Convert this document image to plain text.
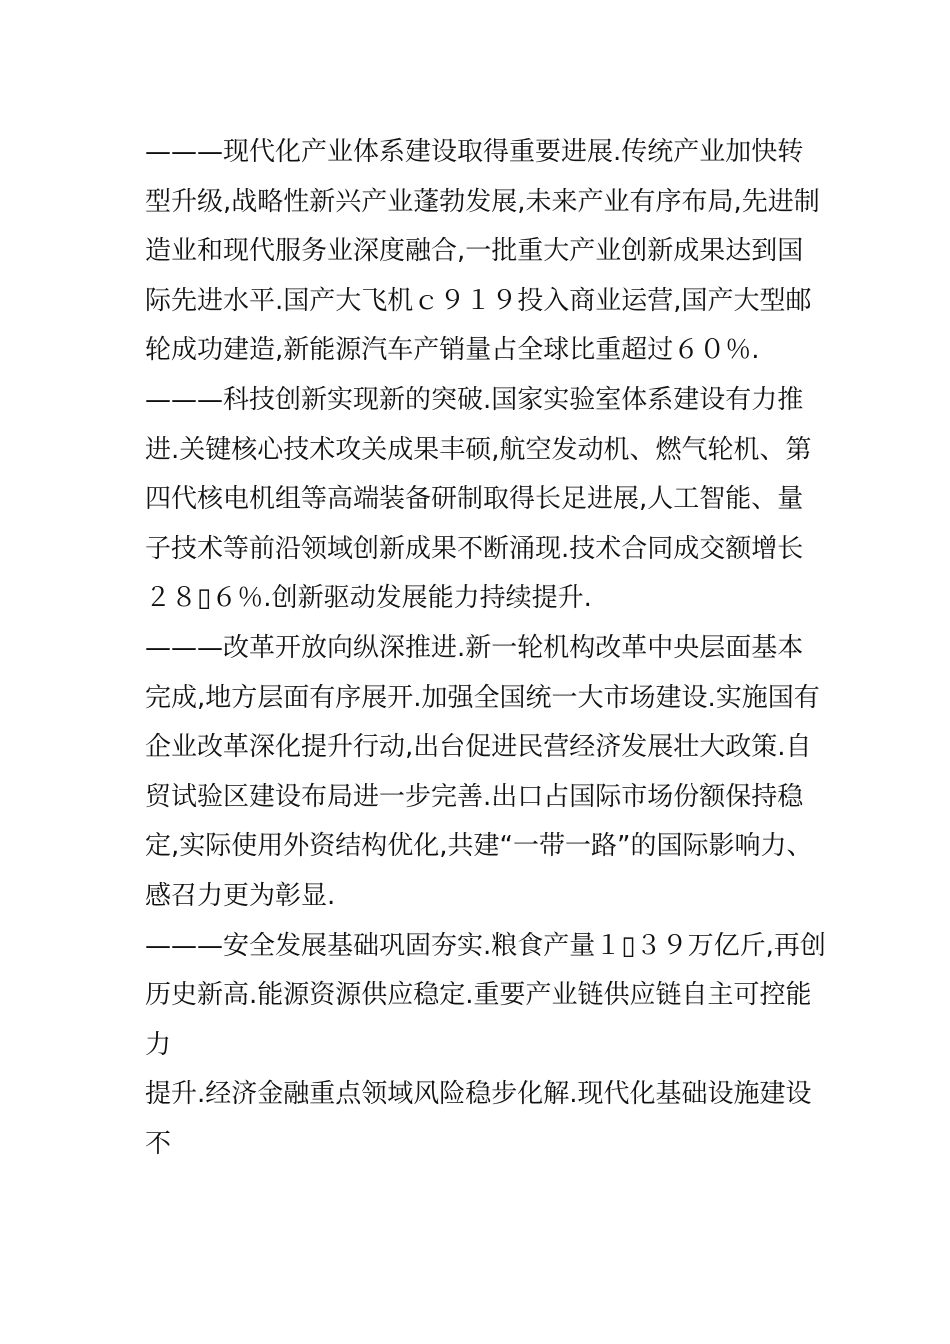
———现代化产业体系建设取得重要进展.传统产业加快转
型升级,战略性新兴产业蓬勃发展,未来产业有序布局,先进制
造业和现代服务业深度融合,一批重大产业创新成果达到国
际先进水平.国产大飞机ｃ９１９投入商业运营,国产大型邮
轮成功建造,新能源汽车产销量占全球比重超过６０％.
———科技创新实现新的突破.国家实验室体系建设有力推
进.关键核心技术攻关成果丰硕,航空发动机、燃气轮机、第
四代核电机组等高端装备研制取得长足进展,人工智能、量
子技术等前沿领域创新成果不断涌现.技术合同成交额增长
２８▯６％.创新驱动发展能力持续提升.
———改革开放向纵深推进.新一轮机构改革中央层面基本
完成,地方层面有序展开.加强全国统一大市场建设.实施国有
企业改革深化提升行动,出台促进民营经济发展壮大政策.自
贸试验区建设布局进一步完善.出口占国际市场份额保持稳
定,实际使用外资结构优化,共建“一带一路”的国际影响力、
感召力更为彰显.
———安全发展基础巩固夯实.粮食产量１▯３９万亿斤,再创
历史新高.能源资源供应稳定.重要产业链供应链自主可控能
力
提升.经济金融重点领域风险稳步化解.现代化基础设施建设
不
